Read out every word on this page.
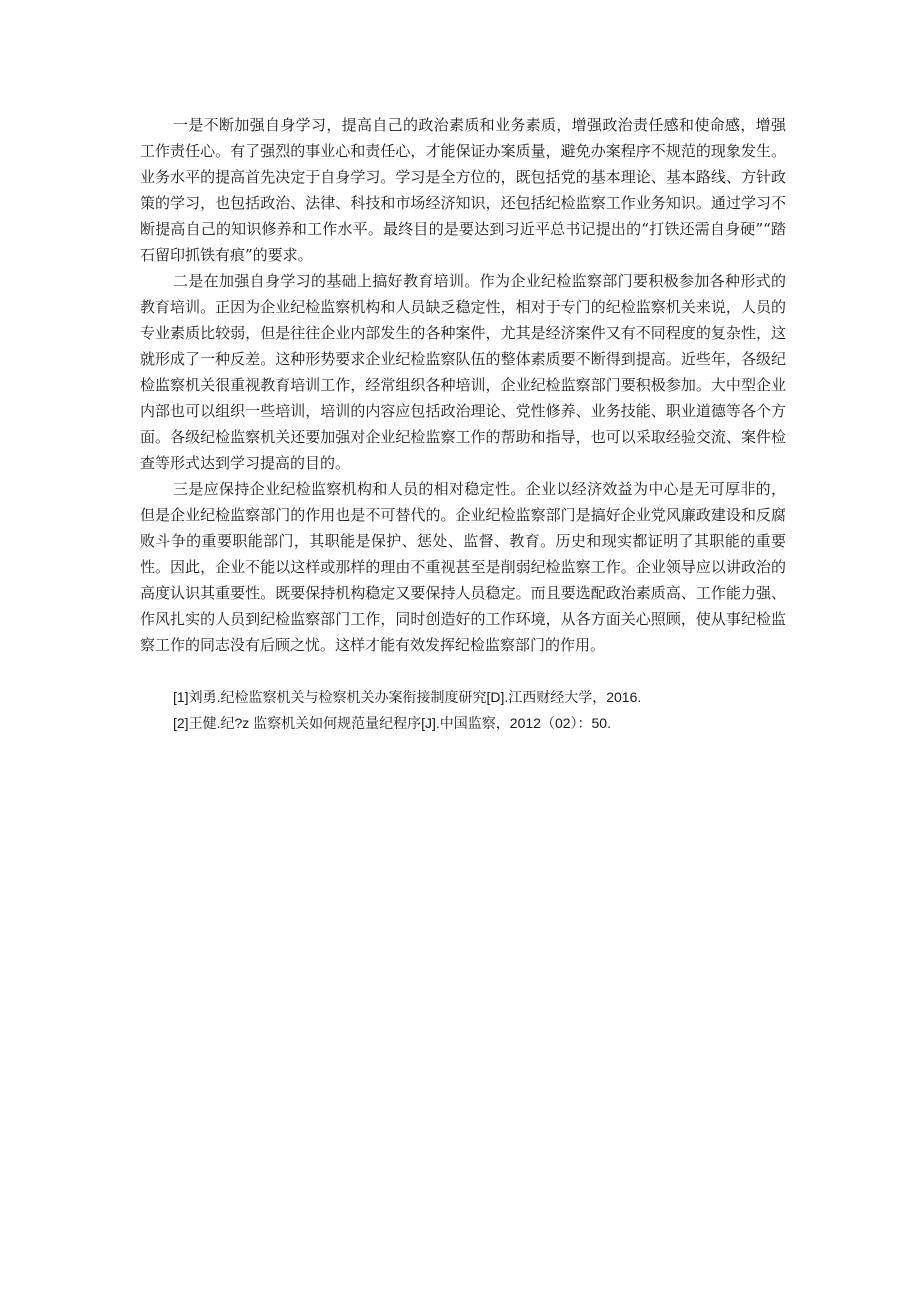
一是不断加强自身学习，提高自己的政治素质和业务素质，增强政治责任感和使命感，增强工作责任心。有了强烈的事业心和责任心，才能保证办案质量，避免办案程序不规范的现象发生。业务水平的提高首先决定于自身学习。学习是全方位的，既包括党的基本理论、基本路线、方针政策的学习，也包括政治、法律、科技和市场经济知识，还包括纪检监察工作业务知识。通过学习不断提高自己的知识修养和工作水平。最终目的是要达到习近平总书记提出的“打铁还需自身硬”“踏石留印抓铁有痕”的要求。

二是在加强自身学习的基础上搞好教育培训。作为企业纪检监察部门要积极参加各种形式的教育培训。正因为企业纪检监察机构和人员缺乏稳定性，相对于专门的纪检监察机关来说，人员的专业素质比较弱，但是往往企业内部发生的各种案件，尤其是经济案件又有不同程度的复杂性，这就形成了一种反差。这种形势要求企业纪检监察队伍的整体素质要不断得到提高。近些年，各级纪检监察机关很重视教育培训工作，经常组织各种培训，企业纪检监察部门要积极参加。大中型企业内部也可以组织一些培训，培训的内容应包括政治理论、党性修养、业务技能、职业道德等各个方面。各级纪检监察机关还要加强对企业纪检监察工作的帮助和指导，也可以采取经验交流、案件检查等形式达到学习提高的目的。

三是应保持企业纪检监察机构和人员的相对稳定性。企业以经济效益为中心是无可厚非的，但是企业纪检监察部门的作用也是不可替代的。企业纪检监察部门是搞好企业党风廉政建设和反腐败斗争的重要职能部门，其职能是保护、惩处、监督、教育。历史和现实都证明了其职能的重要性。因此，企业不能以这样或那样的理由不重视甚至是削弱纪检监察工作。企业领导应以讲政治的高度认识其重要性。既要保持机构稳定又要保持人员稳定。而且要选配政治素质高、工作能力强、作风扎实的人员到纪检监察部门工作，同时创造好的工作环境，从各方面关心照顾，使从事纪检监察工作的同志没有后顾之忧。这样才能有效发挥纪检监察部门的作用。

[1]刘勇.纪检监察机关与检察机关办案衔接制度研究[D].江西财经大学，2016.

[2]王健.纪?z 监察机关如何规范量纪程序[J].中国监察，2012（02）：50.
